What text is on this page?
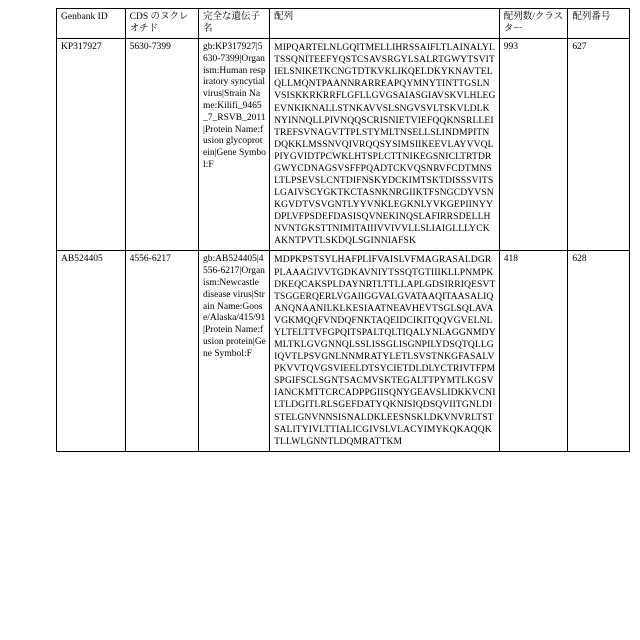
Genbank ID	CDS のヌクレオチド	完全な遺伝子名	配列	配列数/クラスター	配列番号
KP317927	5630-7399	gb:KP317927|5630-7399|Organism:Human respiratory syncytial virus|Strain Name:Kilifi_9465_7_RSVB_2011|Protein Name:fusion glycoprotein|Gene Symbol:F	MIPQARTELNLGQITMELLIHRSSAIFLTLAINALYLTSSQNITEEFYQSTCSAVSRGYLSALRTGWYTSVITIELSNIKETKCNGTDTKVKLIKQELDKYKNAVTELQLLMQNTPAANNRARREAPQYMNYTINTTGSLNVSISKKRKRRFLGFLLGVGSAIASGIAVSKVLHLEGEVNKIKNALLSTNKAVVSLSNGVSVLTSKVLDLKNYINNQLLPIVNQQSCRISNIETVIEFQQKNSRLLEITREFSVNAGVTTPLSTYMLTNSELLSLINDMPITNDQKKLMSSNVQIVRQQSYSIMSIIKEEVLAYVVQLPIYGVIDTPCWKLHTSPLCTTNIKEGSNICLTRTDRGWYCDNAGSVSFFPQADTCKVQSNRVFCDTMNSLTLPSEVSLCNTDIFNSKYDCKIMTSKTDISSSVITSLGAIVSCYGKTKCTASNKNRGIIKTFSNGCDYVSNKGVDTVSVGNTLYYVNKLEGKNLYVKGEPIINYYDPLVFPSDEFDASISQVNEKINQSLAFIRRSDELLHNVNTGKSTTNIMITAIIIVVIVVLLSLIAIGLLLYCKAKNTPVTLSKDQLSGINNIAFSK	993	627
AB524405	4556-6217	gb:AB524405|4556-6217|Organism:Newcastle disease virus|Strain Name:Goose/Alaska/415/91|Protein Name:fusion protein|Gene Symbol:F	MDPKPSTSYLHAFPLIFVAISLVFMAGRASALDGRPLAAAGIVVTGDKAVNIYTSSQTGTIIIKLLPNMPKDKEQCAKSPLDAYNRTLTTLLAPLGDSIRRIQESVTTSGGERQERLVGAIIGGVALGVATAAQITAASALIQANQNAANILKLKESIAATNEAVHEVTSGLSQLAVAVGKMQQFVNDQFNKTAQEIDCIKITQQVGVELNLYLTELTTVFGPQITSPALTQLTIQALYNLAGGNMDYMLTKLGVGNNQLSSLISSGLISGNPILYDSQTQLLGIQVTLPSVGNLNNMRATYLETLSVSTNKGFASALVPKVVTQVGSVIEELDTSYCIETDLDLYCTRIVTFPMSPGIFSCLSGNTSACMVSKTEGALTTPYMTLKGSVIANCKMTTCRCADPPGIISQNYGEAVSLIDKKVCNILTLDGITLRLSGEFDATYQKNISIQDSQVIITGNLDISTELGNVNNSISNALDKLEESNSKLDKVNVRLTSTSALITYIVLTTIALICGIVSLVLACYIMYKQKAQQKTLLWLGNNTLDQMRATTKM	418	628
